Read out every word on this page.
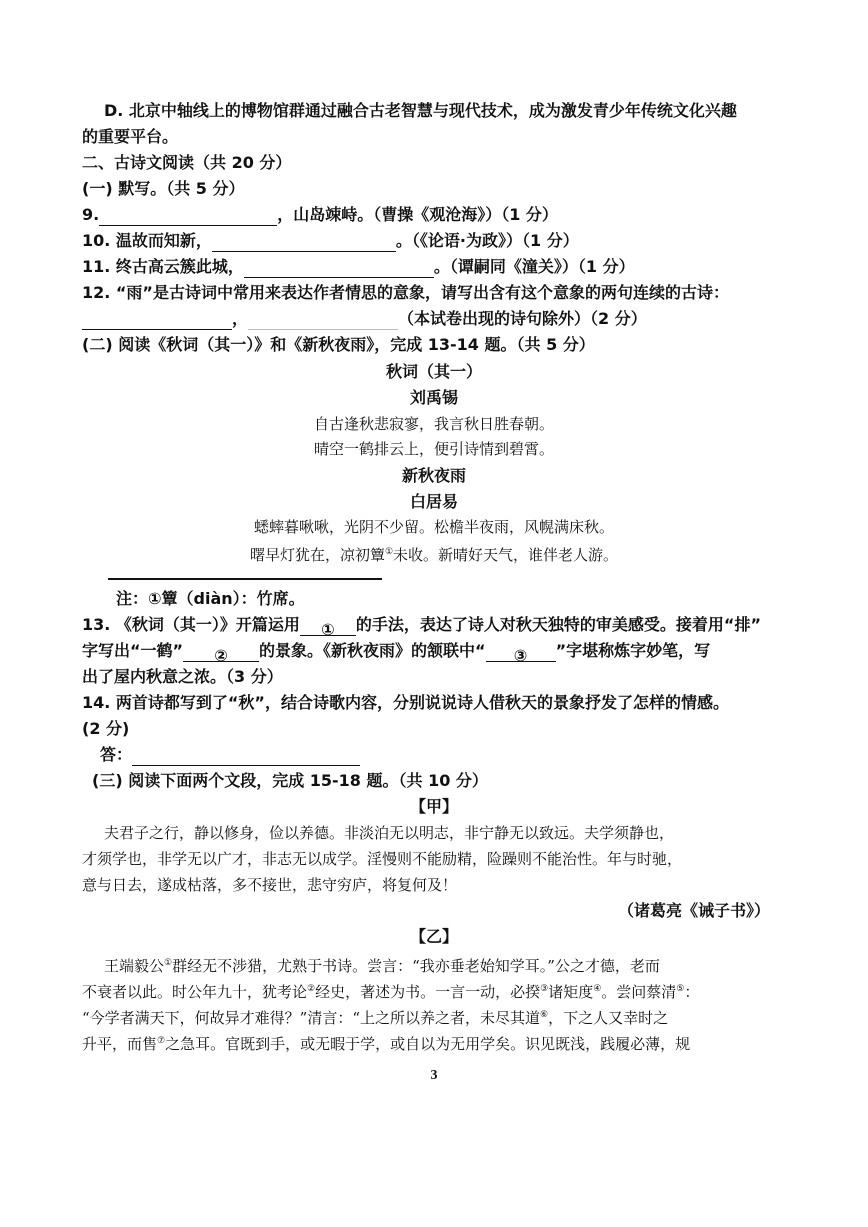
D. 北京中轴线上的博物馆群通过融合古老智慧与现代技术，成为激发青少年传统文化兴趣
的重要平台。
二、古诗文阅读（共 20 分）
(一) 默写。（共 5 分）
9.	，山岛竦峙。（曹操《观沧海》）（1 分）
10. 温故而知新，	。（《论语·为政》）（1 分）
11. 终古高云簇此城，	。（谭嗣同《潼关》）（1 分）
12. “雨”是古诗词中常用来表达作者情思的意象，请写出含有这个意象的两句连续的古诗：
，	（本试卷出现的诗句除外）（2 分）
(二) 阅读《秋词（其一）》和《新秋夜雨》，完成 13-14 题。（共 5 分）
秋词（其一）
刘禹锡
自古逢秋悲寂寥，我言秋日胜春朝。
晴空一鹤排云上，便引诗情到碧霄。
新秋夜雨
白居易
蟋蟀暮啾啾，光阴不少留。松檐半夜雨，风幌满床秋。
曙早灯犹在，凉初簟①未收。新晴好天气，谁伴老人游。
注：①簟（diàn）：竹席。
13. 《秋词（其一）》开篇运用 ① 的手法，表达了诗人对秋天独特的审美感受。接着用“排”
字写出“一鹤” ② 的景象。《新秋夜雨》的颔联中“ ③ ”字堪称炼字妙笔，写
出了屋内秋意之浓。（3 分）
14. 两首诗都写到了“秋”，结合诗歌内容，分别说说诗人借秋天的景象抒发了怎样的情感。
(2 分)
答：
(三) 阅读下面两个文段，完成 15-18 题。（共 10 分）
【甲】
夫君子之行，静以修身，俭以养德。非淡泊无以明志，非宁静无以致远。夫学须静也，
才须学也，非学无以广才，非志无以成学。淫慢则不能励精，险躁则不能治性。年与时驰，
意与日去，遂成枯落，多不接世，悲守穷庐，将复何及！
（诸葛亮《诫子书》）
【乙】
王端毅公①群经无不涉猎，尤熟于书诗。尝言：“我亦垂老始知学耳。”公之才德，老而
不衰者以此。时公年九十，犹考论②经史，著述为书。一言一动，必揆③诸矩度④。尝问蔡清⑤：
“今学者满天下，何故异才难得？”清言：“上之所以养之者，未尽其道⑥，下之人又幸时之
升平，而售⑦之急耳。官既到手，或无暇于学，或自以为无用学矣。识见既浅，践履必薄，规
3
